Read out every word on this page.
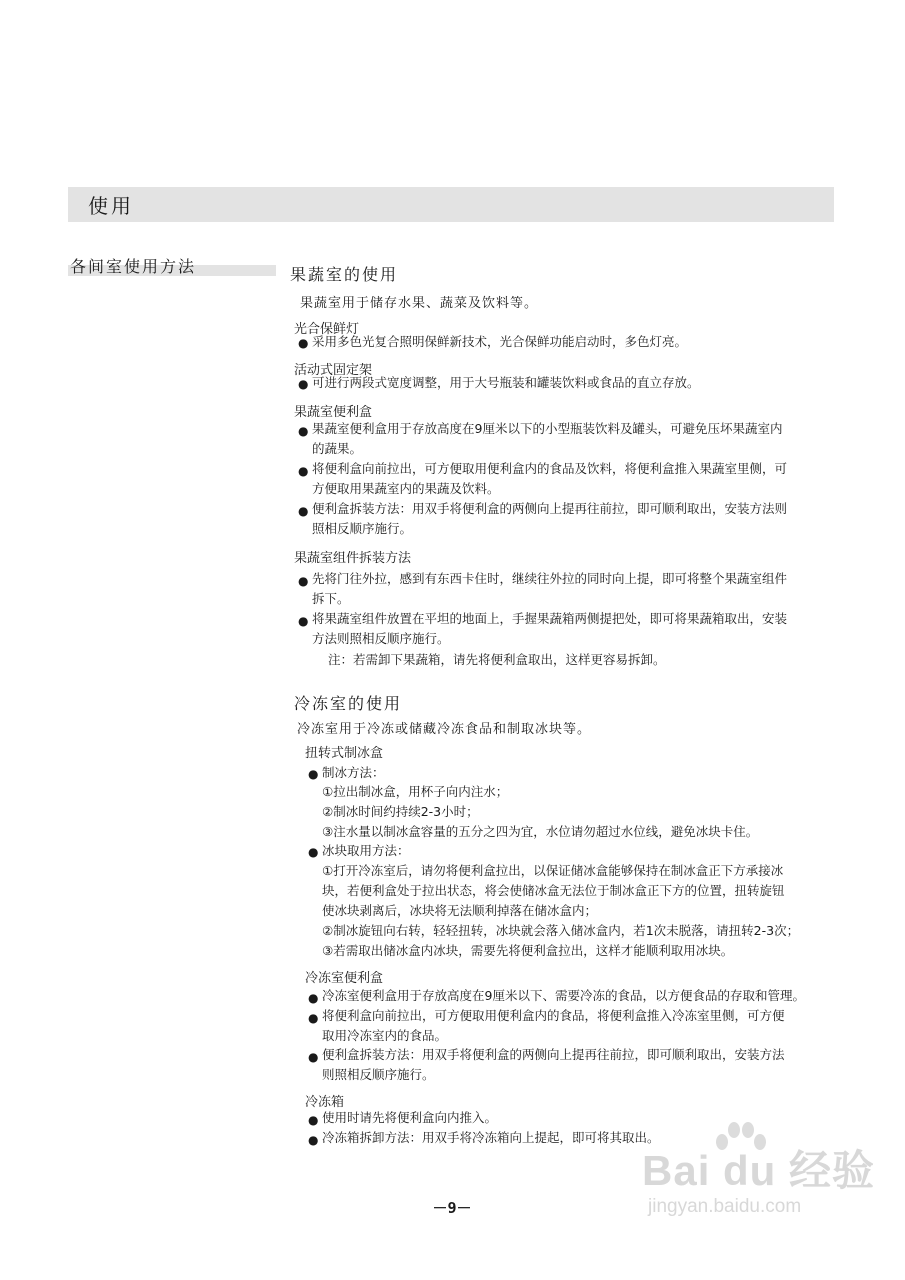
使用
各间室使用方法	果蔬室的使用
果蔬室用于储存水果、蔬菜及饮料等。
光合保鲜灯
● 采用多色光复合照明保鲜新技术，光合保鲜功能启动时，多色灯亮。
活动式固定架
● 可进行两段式宽度调整，用于大号瓶装和罐装饮料或食品的直立存放。
果蔬室便利盒
● 果蔬室便利盒用于存放高度在9厘米以下的小型瓶装饮料及罐头，可避免压坏果蔬室内
的蔬果。
● 将便利盒向前拉出，可方便取用便利盒内的食品及饮料，将便利盒推入果蔬室里侧，可
方便取用果蔬室内的果蔬及饮料。
● 便利盒拆装方法：用双手将便利盒的两侧向上提再往前拉，即可顺利取出，安装方法则
照相反顺序施行。
果蔬室组件拆装方法
● 先将门往外拉，感到有东西卡住时，继续往外拉的同时向上提，即可将整个果蔬室组件
拆下。
● 将果蔬室组件放置在平坦的地面上，手握果蔬箱两侧提把处，即可将果蔬箱取出，安装
方法则照相反顺序施行。
注：若需卸下果蔬箱，请先将便利盒取出，这样更容易拆卸。
冷冻室的使用
冷冻室用于冷冻或储藏冷冻食品和制取冰块等。
扭转式制冰盒
● 制冰方法：
①拉出制冰盒，用杯子向内注水；
②制冰时间约持续2-3小时；
③注水量以制冰盒容量的五分之四为宜，水位请勿超过水位线，避免冰块卡住。
● 冰块取用方法：
①打开冷冻室后，请勿将便利盒拉出，以保证储冰盒能够保持在制冰盒正下方承接冰
块，若便利盒处于拉出状态，将会使储冰盒无法位于制冰盒正下方的位置，扭转旋钮
使冰块剥离后，冰块将无法顺利掉落在储冰盒内；
②制冰旋钮向右转，轻轻扭转，冰块就会落入储冰盒内，若1次未脱落，请扭转2-3次；
③若需取出储冰盒内冰块，需要先将便利盒拉出，这样才能顺利取用冰块。
冷冻室便利盒
● 冷冻室便利盒用于存放高度在9厘米以下、需要冷冻的食品，以方便食品的存取和管理。
● 将便利盒向前拉出，可方便取用便利盒内的食品，将便利盒推入冷冻室里侧，可方便
取用冷冻室内的食品。
● 便利盒拆装方法：用双手将便利盒的两侧向上提再往前拉，即可顺利取出，安装方法
则照相反顺序施行。
冷冻箱
● 使用时请先将便利盒向内推入。
● 冷冻箱拆卸方法：用双手将冷冻箱向上提起，即可将其取出。
－9－
Bai du 经验
jingyan.baidu.com
